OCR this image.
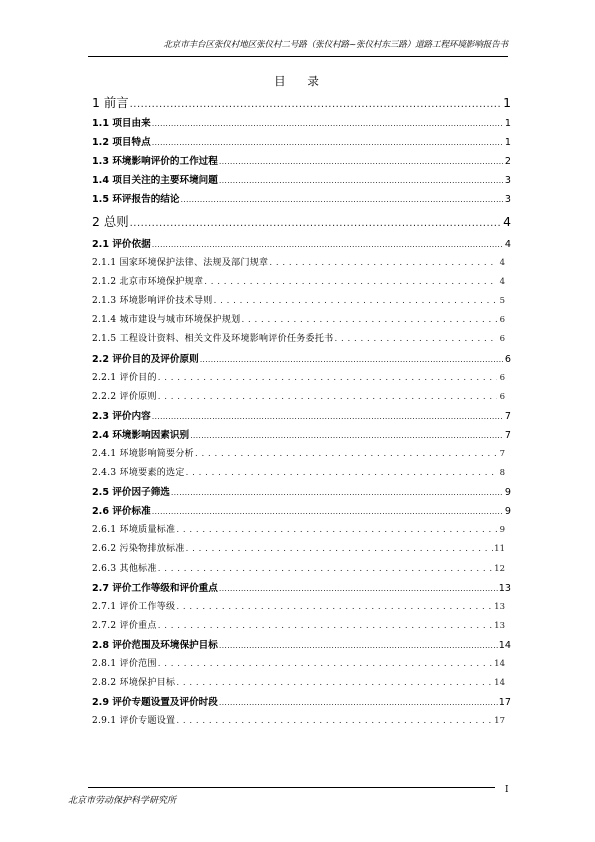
北京市丰台区张仪村地区张仪村二号路（张仪村路~张仪村东三路）道路工程环境影响报告书
目 录
1 前言 .....	1
1.1 项目由来 .....	1
1.2 项目特点 .....	1
1.3 环境影响评价的工作过程 .....	2
1.4 项目关注的主要环境问题 .....	3
1.5 环评报告的结论 .....	3
2 总则 .....	4
2.1 评价依据 .....	4
2.1.1 国家环境保护法律、法规及部门规章 .....	4
2.1.2 北京市环境保护规章 .....	4
2.1.3 环境影响评价技术导则 .....	5
2.1.4 城市建设与城市环境保护规划 .....	6
2.1.5 工程设计资料、相关文件及环境影响评价任务委托书 .....	6
2.2 评价目的及评价原则 .....	6
2.2.1 评价目的 .....	6
2.2.2 评价原则 .....	6
2.3 评价内容 .....	7
2.4 环境影响因素识别 .....	7
2.4.1 环境影响简要分析 .....	7
2.4.3 环境要素的选定 .....	8
2.5 评价因子筛选 .....	9
2.6 评价标准 .....	9
2.6.1 环境质量标准 .....	9
2.6.2 污染物排放标准 .....	11
2.6.3 其他标准 .....	12
2.7 评价工作等级和评价重点 .....	13
2.7.1 评价工作等级 .....	13
2.7.2 评价重点 .....	13
2.8 评价范围及环境保护目标 .....	14
2.8.1 评价范围 .....	14
2.8.2 环境保护目标 .....	14
2.9 评价专题设置及评价时段 .....	17
2.9.1 评价专题设置 .....	17
I
北京市劳动保护科学研究所
